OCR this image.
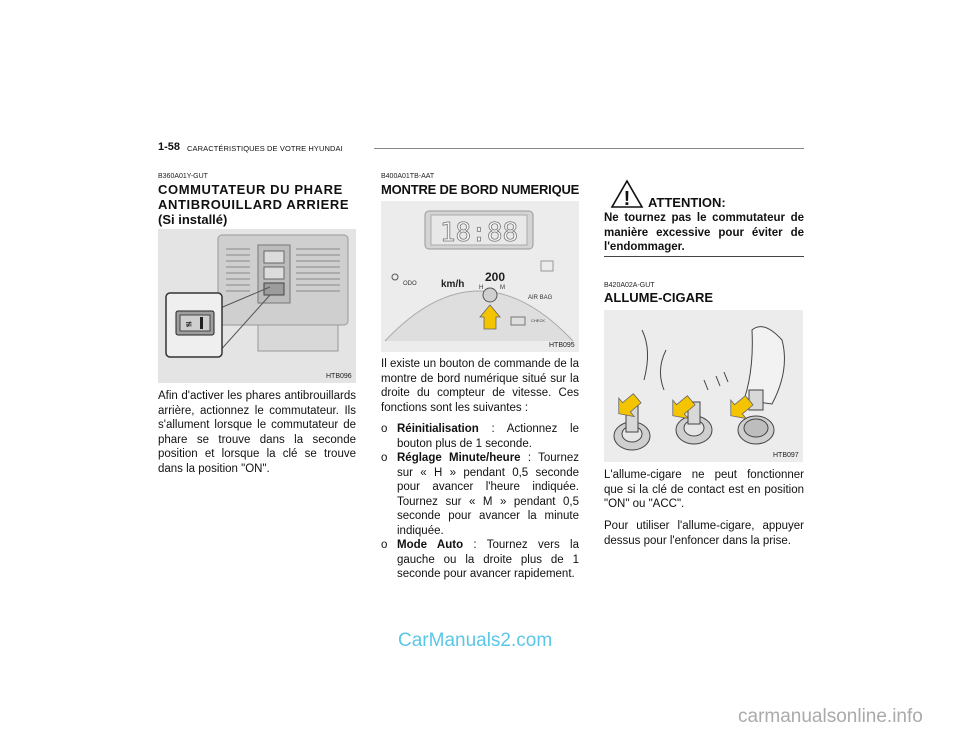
1-58 CARACTÉRISTIQUES DE VOTRE HYUNDAI
B360A01Y-GUT
COMMUTATEUR DU PHARE
ANTIBROUILLARD ARRIERE
(Si installé)
≢
HTB096
Afin d'activer les phares antibrouillards arrière, actionnez le commutateur. Ils s'allument lorsque le commutateur de phare se trouve dans la seconde position et lorsque la clé se trouve dans la position "ON".
B400A01TB-AAT
MONTRE DE BORD NUMERIQUE
18:88
ODO km/h
200
H	M
AIR BAG
CHECK
HTB095
Il existe un bouton de commande de la montre de bord numérique situé sur la droite du compteur de vitesse. Ces fonctions sont les suivantes :
o Réinitialisation : Actionnez le bouton plus de 1 seconde.
o Réglage Minute/heure : Tournez sur « H » pendant 0,5 seconde pour avancer l'heure indiquée. Tournez sur « M » pendant 0,5 seconde pour avancer la minute indiquée.
o Mode Auto : Tournez vers la gauche ou la droite plus de 1 seconde pour avancer rapidement.
! ATTENTION:
Ne tournez pas le commutateur de manière excessive pour éviter de l'endommager.
B420A02A-GUT
ALLUME-CIGARE
HTB097
L'allume-cigare ne peut fonctionner que si la clé de contact est en position "ON" ou "ACC".
Pour utiliser l'allume-cigare, appuyer dessus pour l'enfoncer dans la prise.
CarManuals2.com
carmanualsonline.info
